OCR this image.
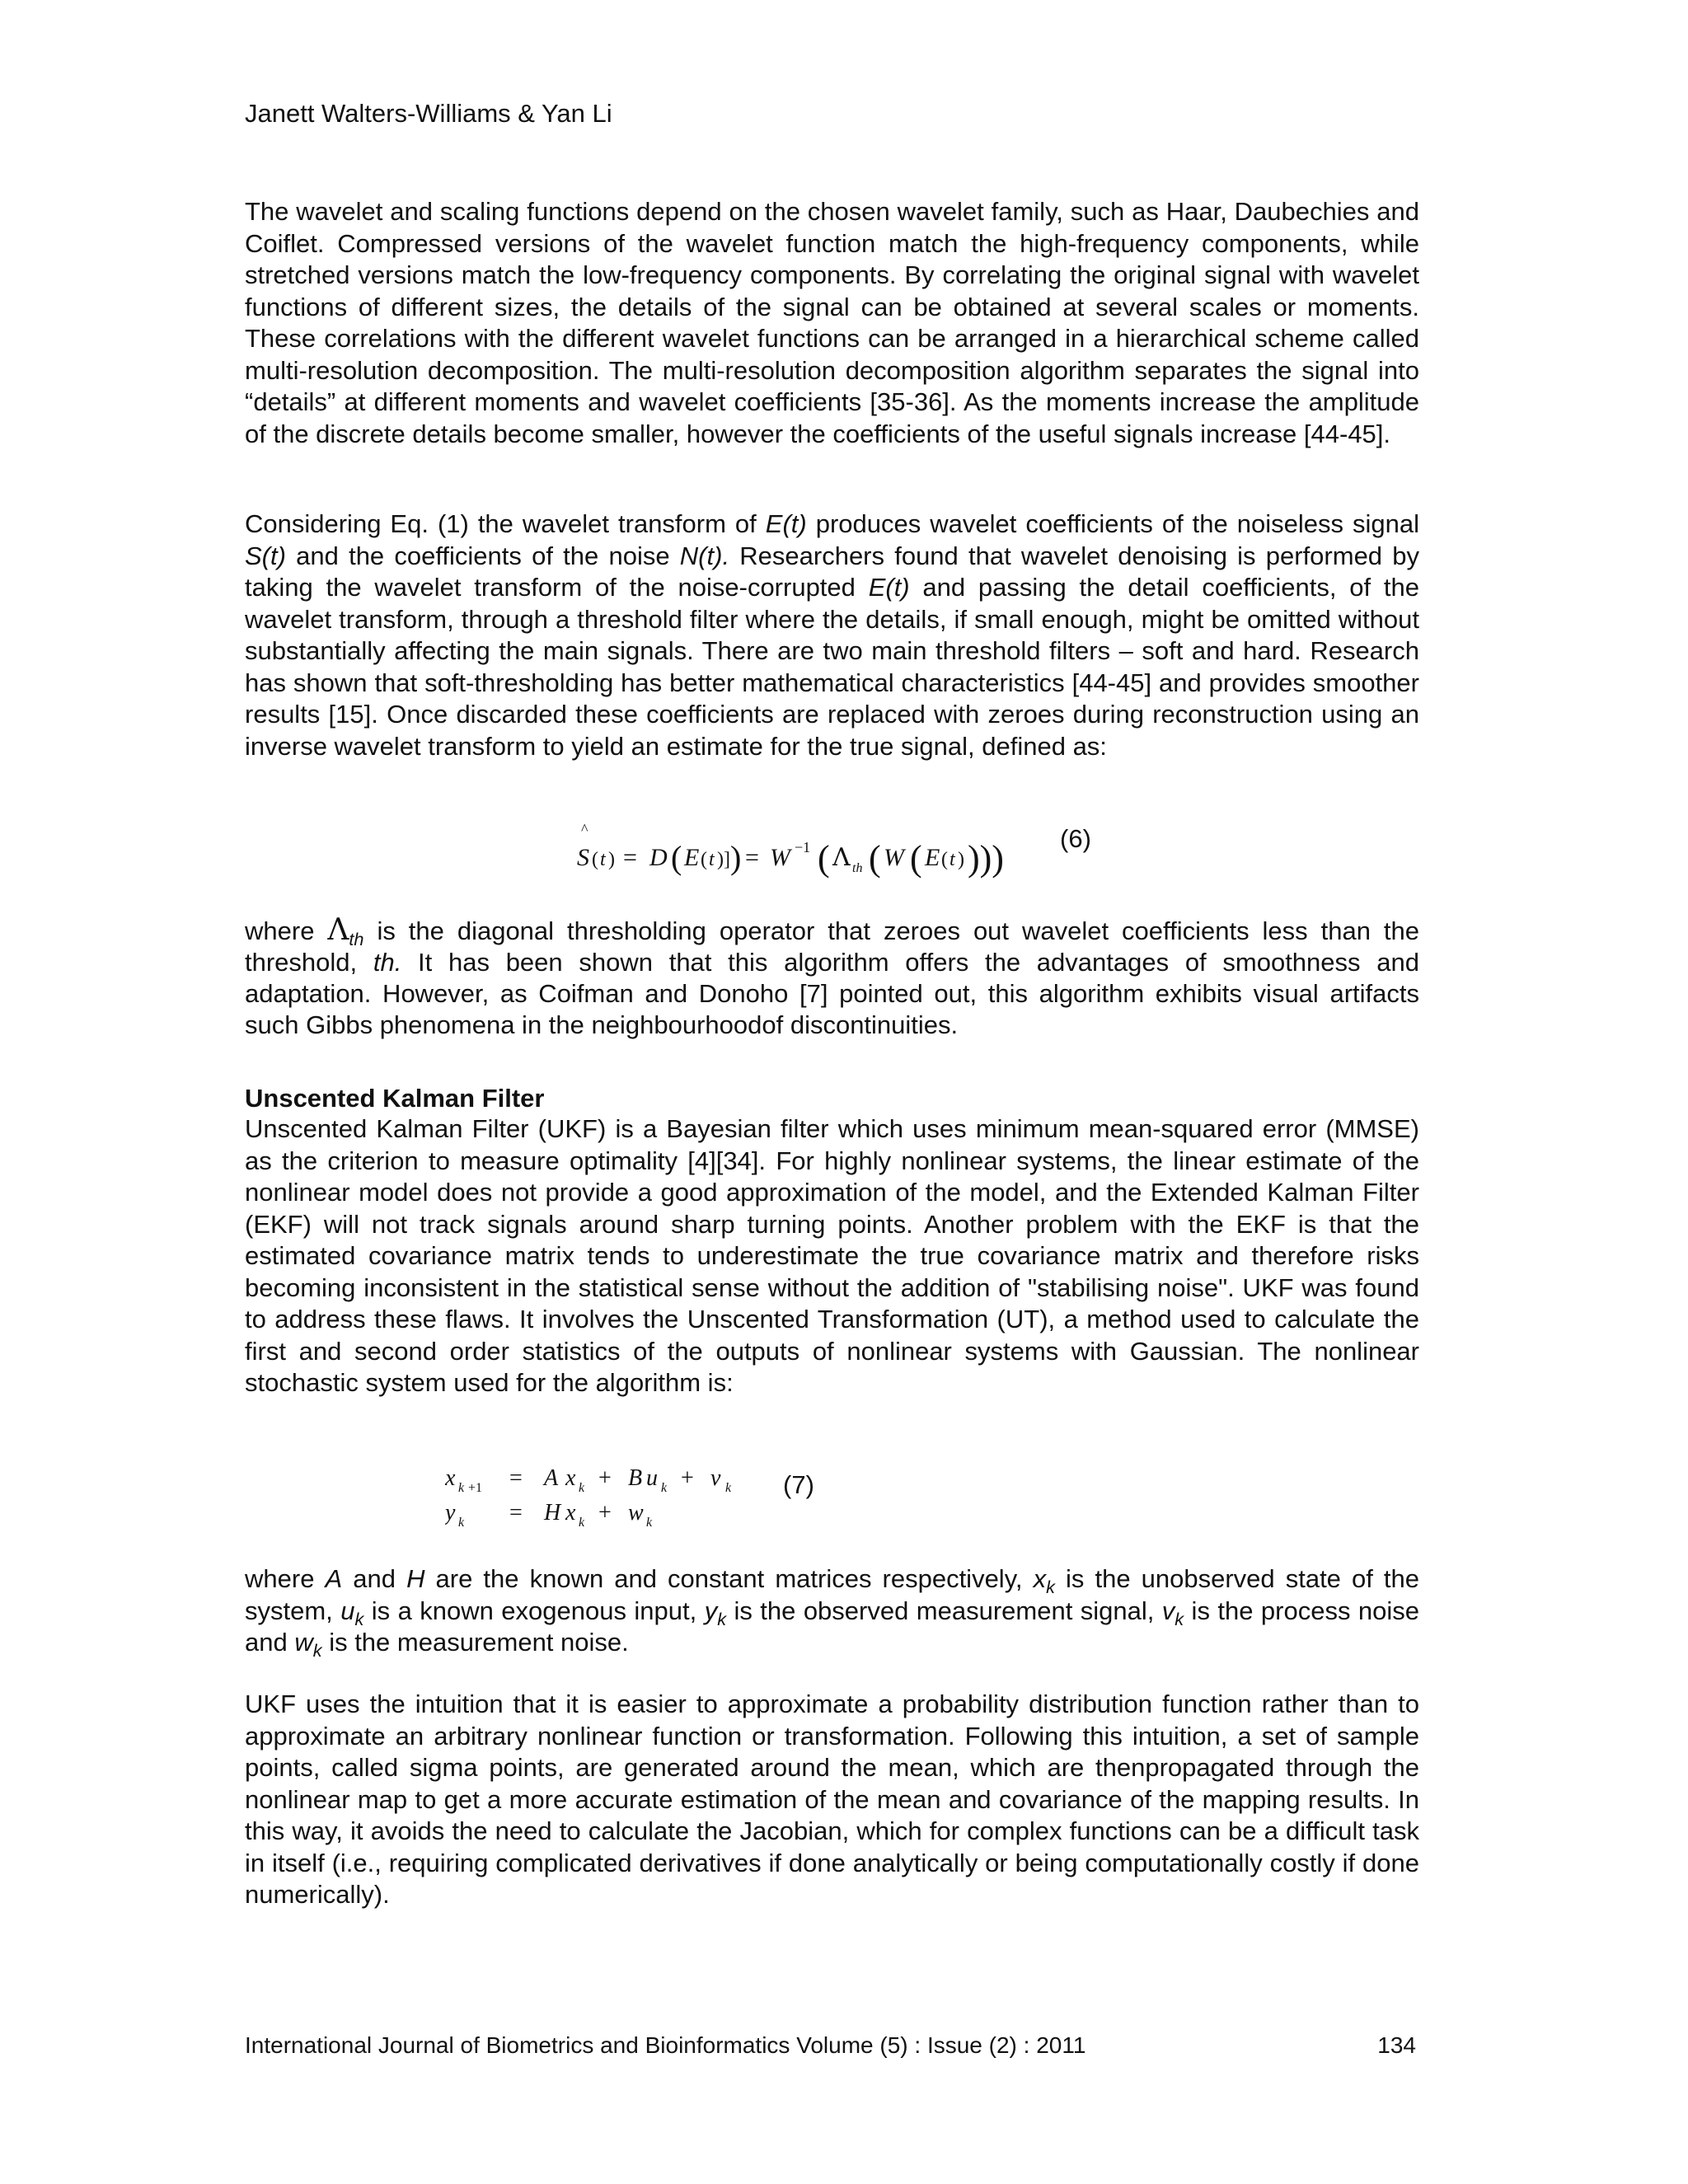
Janett Walters-Williams & Yan Li

The wavelet and scaling functions depend on the chosen wavelet family, such as Haar, Daubechies and Coiflet. Compressed versions of the wavelet function match the high-frequency components, while stretched versions match the low-frequency components. By correlating the original signal with wavelet functions of different sizes, the details of the signal can be obtained at several scales or moments. These correlations with the different wavelet functions can be arranged in a hierarchical scheme called multi-resolution decomposition. The multi-resolution decomposition algorithm separates the signal into “details” at different moments and wavelet coefficients [35-36]. As the moments increase the amplitude of the discrete details become smaller, however the coefficients of the useful signals increase [44-45].

Considering Eq. (1) the wavelet transform of E(t) produces wavelet coefficients of the noiseless signal S(t) and the coefficients of the noise N(t). Researchers found that wavelet denoising is performed by taking the wavelet transform of the noise-corrupted E(t) and passing the detail coefficients, of the wavelet transform, through a threshold filter where the details, if small enough, might be omitted without substantially affecting the main signals. There are two main threshold filters – soft and hard. Research has shown that soft-thresholding has better mathematical characteristics [44-45] and provides smoother results [15]. Once discarded these coefficients are replaced with zeroes during reconstruction using an inverse wavelet transform to yield an estimate for the true signal, defined as:

^
S ( t ) = D ( E ( t )] ) = W −1 ( Λ th ( W ( E ( t ) ))) (6)

where $\Lambda_{th}$ is the diagonal thresholding operator that zeroes out wavelet coefficients less than the threshold, th. It has been shown that this algorithm offers the advantages of smoothness and adaptation. However, as Coifman and Donoho [7] pointed out, this algorithm exhibits visual artifacts such Gibbs phenomena in the neighbourhoodof discontinuities.

Unscented Kalman Filter

Unscented Kalman Filter (UKF) is a Bayesian filter which uses minimum mean-squared error (MMSE) as the criterion to measure optimality [4][34]. For highly nonlinear systems, the linear estimate of the nonlinear model does not provide a good approximation of the model, and the Extended Kalman Filter (EKF) will not track signals around sharp turning points. Another problem with the EKF is that the estimated covariance matrix tends to underestimate the true covariance matrix and therefore risks becoming inconsistent in the statistical sense without the addition of "stabilising noise". UKF was found to address these flaws. It involves the Unscented Transformation (UT), a method used to calculate the first and second order statistics of the outputs of nonlinear systems with Gaussian. The nonlinear stochastic system used for the algorithm is:

x k +1 = A x k + B u k + v k
y k = H x k + w k
(7)

where A and H are the known and constant matrices respectively, $x_k$ is the unobserved state of the system, $u_k$ is a known exogenous input, $y_k$ is the observed measurement signal, $v_k$ is the process noise and $w_k$ is the measurement noise.

UKF uses the intuition that it is easier to approximate a probability distribution function rather than to approximate an arbitrary nonlinear function or transformation. Following this intuition, a set of sample points, called sigma points, are generated around the mean, which are thenpropagated through the nonlinear map to get a more accurate estimation of the mean and covariance of the mapping results. In this way, it avoids the need to calculate the Jacobian, which for complex functions can be a difficult task in itself (i.e., requiring complicated derivatives if done analytically or being computationally costly if done numerically).

International Journal of Biometrics and Bioinformatics Volume (5) : Issue (2) : 2011	134
